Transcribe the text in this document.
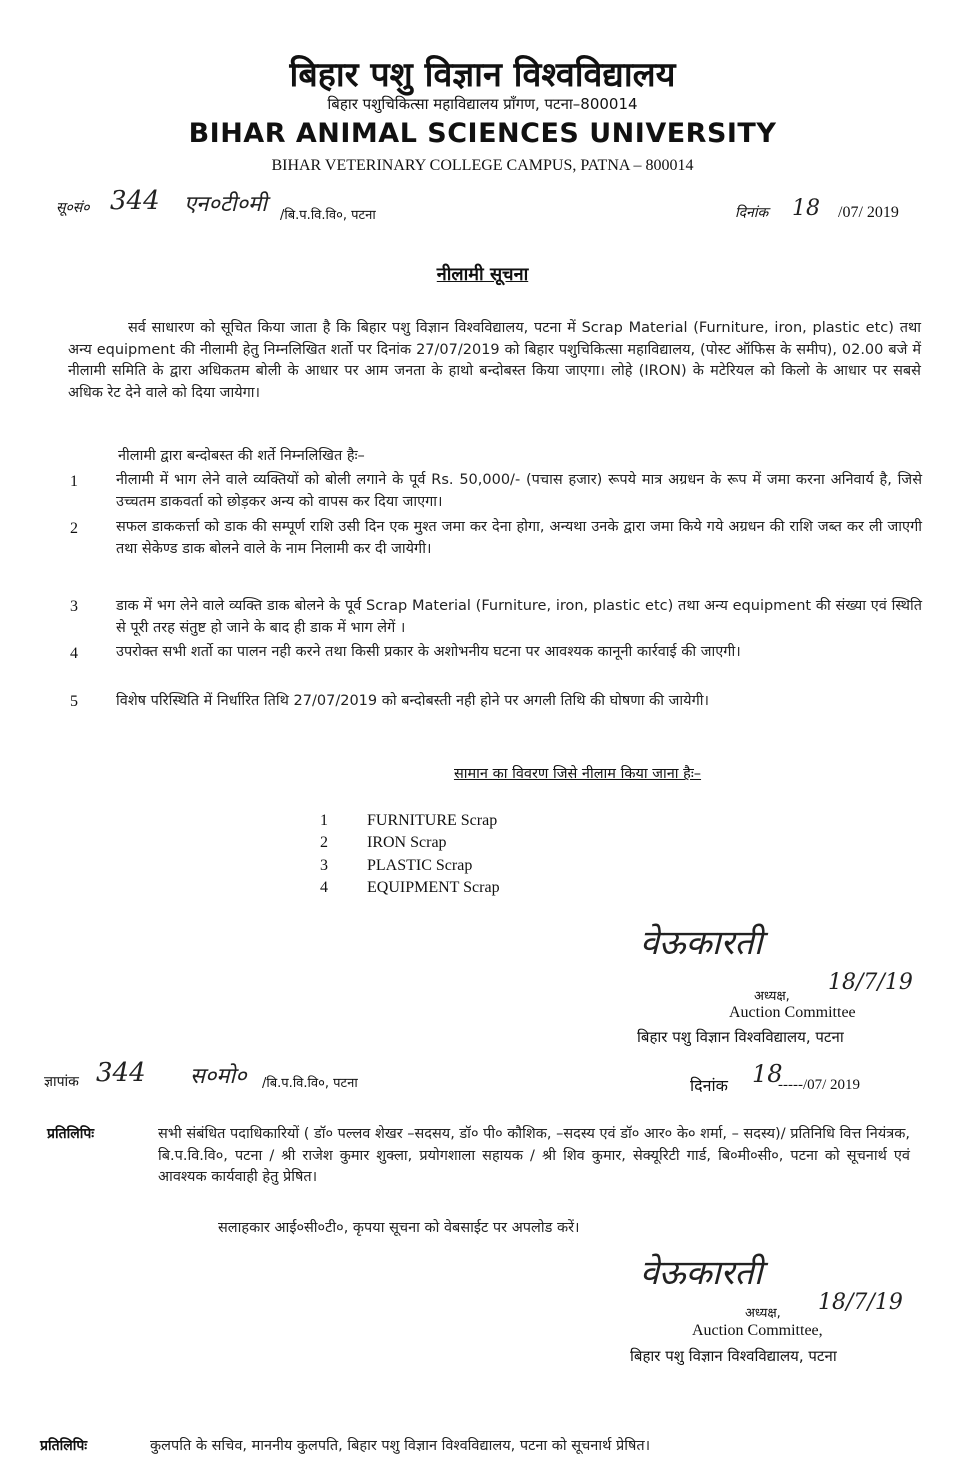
बिहार पशु विज्ञान विश्वविद्यालय
बिहार पशुचिकित्सा महाविद्यालय प्राँगण, पटना–800014
BIHAR ANIMAL SCIENCES UNIVERSITY
BIHAR VETERINARY COLLEGE CAMPUS, PATNA – 800014
सू०सं० 344 एन०टी०मी /बि.प.वि.वि०, पटना	दिनांक 18 /07/ 2019
नीलामी सूचना
सर्व साधारण को सूचित किया जाता है कि बिहार पशु विज्ञान विश्वविद्यालय, पटना में Scrap Material (Furniture, iron, plastic etc) तथा अन्य equipment की नीलामी हेतु निम्नलिखित शर्तो पर दिनांक 27/07/2019 को बिहार पशुचिकित्सा महाविद्यालय, (पोस्ट ऑफिस के समीप), 02.00 बजे में नीलामी समिति के द्वारा अधिकतम बोली के आधार पर आम जनता के हाथो बन्दोबस्त किया जाएगा। लोहे (IRON) के मटेरियल को किलो के आधार पर सबसे अधिक रेट देने वाले को दिया जायेगा।
नीलामी द्वारा बन्दोबस्त की शर्ते निम्नलिखित हैः–
1	नीलामी में भाग लेने वाले व्यक्तियों को बोली लगाने के पूर्व Rs. 50,000/- (पचास हजार) रूपये मात्र अग्रधन के रूप में जमा करना अनिवार्य है, जिसे उच्चतम डाकवर्ता को छोड़कर अन्य को वापस कर दिया जाएगा।
2	सफल डाककर्त्ता को डाक की सम्पूर्ण राशि उसी दिन एक मुश्त जमा कर देना होगा, अन्यथा उनके द्वारा जमा किये गये अग्रधन की राशि जब्त कर ली जाएगी तथा सेकेण्ड डाक बोलने वाले के नाम निलामी कर दी जायेगी।
3	डाक में भग लेने वाले व्यक्ति डाक बोलने के पूर्व Scrap Material (Furniture, iron, plastic etc) तथा अन्य equipment की संख्या एवं स्थिति से पूरी तरह संतुष्ट हो जाने के बाद ही डाक में भाग लेगें ।
4	उपरोक्त सभी शर्तो का पालन नही करने तथा किसी प्रकार के अशोभनीय घटना पर आवश्यक कानूनी कार्रवाई की जाएगी।
5	विशेष परिस्थिति में निर्धारित तिथि 27/07/2019 को बन्दोबस्ती नही होने पर अगली तिथि की घोषणा की जायेगी।
सामान का विवरण जिसे नीलाम किया जाना हैः–
1 FURNITURE Scrap
2 IRON Scrap
3 PLASTIC Scrap
4 EQUIPMENT Scrap
वेऊकारती
अध्यक्ष,
18/7/19
Auction Committee
बिहार पशु विज्ञान विश्वविद्यालय, पटना
ज्ञापांक 344 स०मो० /बि.प.वि.वि०, पटना	दिनांक 18
-----/07/ 2019
प्रतिलिपिः	सभी संबंधित पदाधिकारियों ( डॉ० पल्लव शेखर –सदसय, डॉ० पी० कौशिक, –सदस्य एवं डॉ० आर० के० शर्मा, – सदस्य)/ प्रतिनिधि वित्त नियंत्रक, बि.प.वि.वि०, पटना / श्री राजेश कुमार शुक्ला, प्रयोगशाला सहायक / श्री शिव कुमार, सेक्यूरिटी गार्ड, बि०मी०सी०, पटना को सूचनार्थ एवं आवश्यक कार्यवाही हेतु प्रेषित।
सलाहकार आई०सी०टी०, कृपया सूचना को वेबसाईट पर अपलोड करें।
वेऊकारती
अध्यक्ष, 18/7/19
Auction Committee,
बिहार पशु विज्ञान विश्वविद्यालय, पटना
प्रतिलिपिः	कुलपति के सचिव, माननीय कुलपति, बिहार पशु विज्ञान विश्वविद्यालय, पटना को सूचनार्थ प्रेषित।
